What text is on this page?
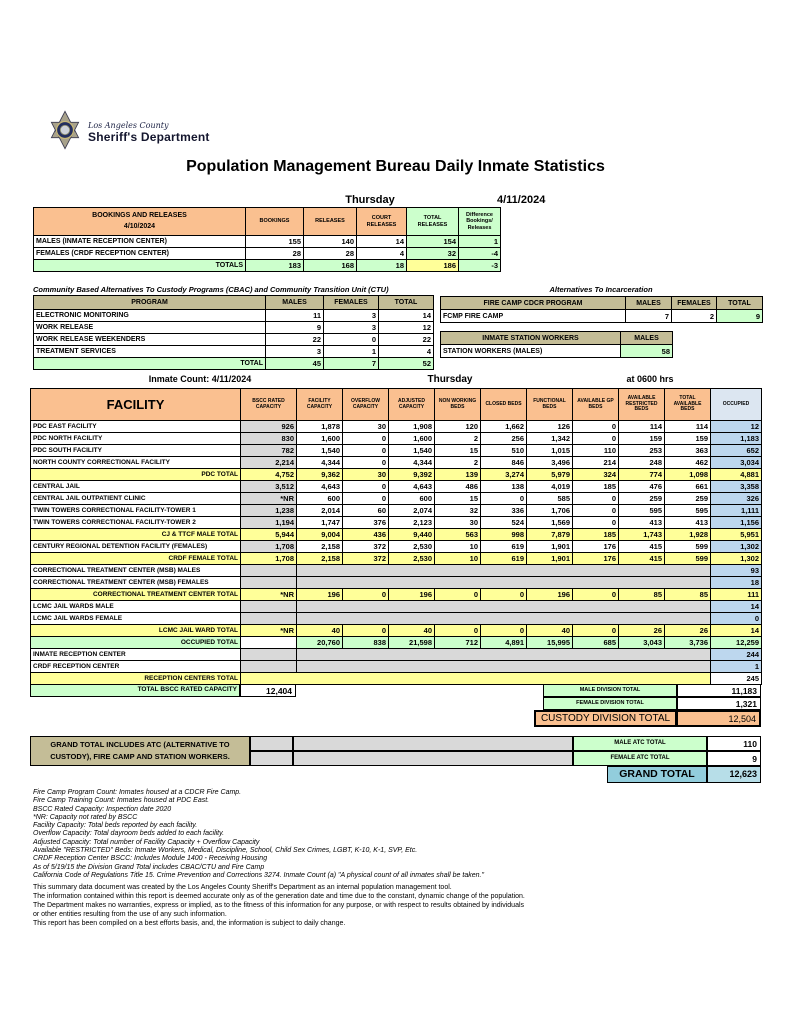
Los Angeles County
Sheriff's Department
Population Management Bureau Daily Inmate Statistics
Thursday	4/11/2024
BOOKINGS AND RELEASES
4/10/2024	BOOKINGS	RELEASES	COURT RELEASES	TOTAL RELEASES	Difference Bookings/ Releases
MALES (INMATE RECEPTION CENTER)	155	140	14	154	1
FEMALES (CRDF RECEPTION CENTER)	28	28	4	32	-4
TOTALS	183	168	18	186	-3
Community Based Alternatives To Custody Programs (CBAC) and Community Transition Unit (CTU)
PROGRAM	MALES	FEMALES	TOTAL
ELECTRONIC MONITORING	11	3	14
WORK RELEASE	9	3	12
WORK RELEASE WEEKENDERS	22	0	22
TREATMENT SERVICES	3	1	4
TOTAL	45	7	52
Alternatives To Incarceration
FIRE CAMP CDCR PROGRAM	MALES	FEMALES	TOTAL
FCMP FIRE CAMP	7	2	9
INMATE STATION WORKERS	MALES
STATION WORKERS (MALES)	58
Inmate Count: 4/11/2024	Thursday	at 0600 hrs
FACILITY	BSCC RATED CAPACITY	FACILITY CAPACITY	OVERFLOW CAPACITY	ADJUSTED CAPACITY	NON WORKING BEDS	CLOSED BEDS	FUNCTIONAL BEDS	AVAILABLE GP BEDS	AVAILABLE RESTRICTED BEDS	TOTAL AVAILABLE BEDS	OCCUPIED
PDC EAST FACILITY	926	1,878	30	1,908	120	1,662	126	0	114	114	12
PDC NORTH FACILITY	830	1,600	0	1,600	2	256	1,342	0	159	159	1,183
PDC SOUTH FACILITY	782	1,540	0	1,540	15	510	1,015	110	253	363	652
NORTH COUNTY CORRECTIONAL FACILITY	2,214	4,344	0	4,344	2	846	3,496	214	248	462	3,034
PDC TOTAL	4,752	9,362	30	9,392	139	3,274	5,979	324	774	1,098	4,881
CENTRAL JAIL	3,512	4,643	0	4,643	486	138	4,019	185	476	661	3,358
CENTRAL JAIL OUTPATIENT CLINIC	*NR	600	0	600	15	0	585	0	259	259	326
TWIN TOWERS CORRECTIONAL FACILITY-TOWER 1	1,238	2,014	60	2,074	32	336	1,706	0	595	595	1,111
TWIN TOWERS CORRECTIONAL FACILITY-TOWER 2	1,194	1,747	376	2,123	30	524	1,569	0	413	413	1,156
CJ & TTCF MALE TOTAL	5,944	9,004	436	9,440	563	998	7,879	185	1,743	1,928	5,951
CENTURY REGIONAL DETENTION FACILITY (FEMALES)	1,708	2,158	372	2,530	10	619	1,901	176	415	599	1,302
CRDF FEMALE TOTAL	1,708	2,158	372	2,530	10	619	1,901	176	415	599	1,302
CORRECTIONAL TREATMENT CENTER (MSB) MALES											93
CORRECTIONAL TREATMENT CENTER (MSB) FEMALES											18
CORRECTIONAL TREATMENT CENTER TOTAL	*NR	196	0	196	0	0	196	0	85	85	111
LCMC JAIL WARDS MALE											14
LCMC JAIL WARDS FEMALE											0
LCMC JAIL WARD TOTAL	*NR	40	0	40	0	0	40	0	26	26	14
OCCUPIED TOTAL		20,760	838	21,598	712	4,891	15,995	685	3,043	3,736	12,259
INMATE RECEPTION CENTER											244
CRDF RECEPTION CENTER											1
RECEPTION CENTERS TOTAL											245
TOTAL BSCC RATED CAPACITY	12,404	MALE DIVISION TOTAL	11,183
FEMALE DIVISION TOTAL	1,321
CUSTODY DIVISION TOTAL	12,504
GRAND TOTAL INCLUDES ATC (ALTERNATIVE TO CUSTODY), FIRE CAMP AND STATION WORKERS.
MALE ATC TOTAL	110
FEMALE ATC TOTAL	9
GRAND TOTAL	12,623
Fire Camp Program Count: Inmates housed at a CDCR Fire Camp.
Fire Camp Training Count: Inmates housed at PDC East.
BSCC Rated Capacity: Inspection date 2020
*NR: Capacity not rated by BSCC
Facility Capacity: Total beds reported by each facility.
Overflow Capacity: Total dayroom beds added to each facility.
Adjusted Capacity: Total number of Facility Capacity + Overflow Capacity
Available "RESTRICTED" Beds: Inmate Workers, Medical, Discipline, School, Child Sex Crimes, LGBT, K-10, K-1, SVP, Etc.
CRDF Reception Center BSCC: Includes Module 1400 - Receiving Housing
As of 5/19/15 the Division Grand Total includes CBAC/CTU and Fire Camp
California Code of Regulations Title 15. Crime Prevention and Corrections 3274. Inmate Count (a) "A physical count of all inmates shall be taken."
This summary data document was created by the Los Angeles County Sheriff's Department as an internal population management tool.
The information contained within this report is deemed accurate only as of the generation date and time due to the constant, dynamic change of the population.
The Department makes no warranties, express or implied, as to the fitness of this information for any purpose, or with respect to results obtained by individuals
or other entities resulting from the use of any such information.
This report has been compiled on a best efforts basis, and, the information is subject to daily change.
